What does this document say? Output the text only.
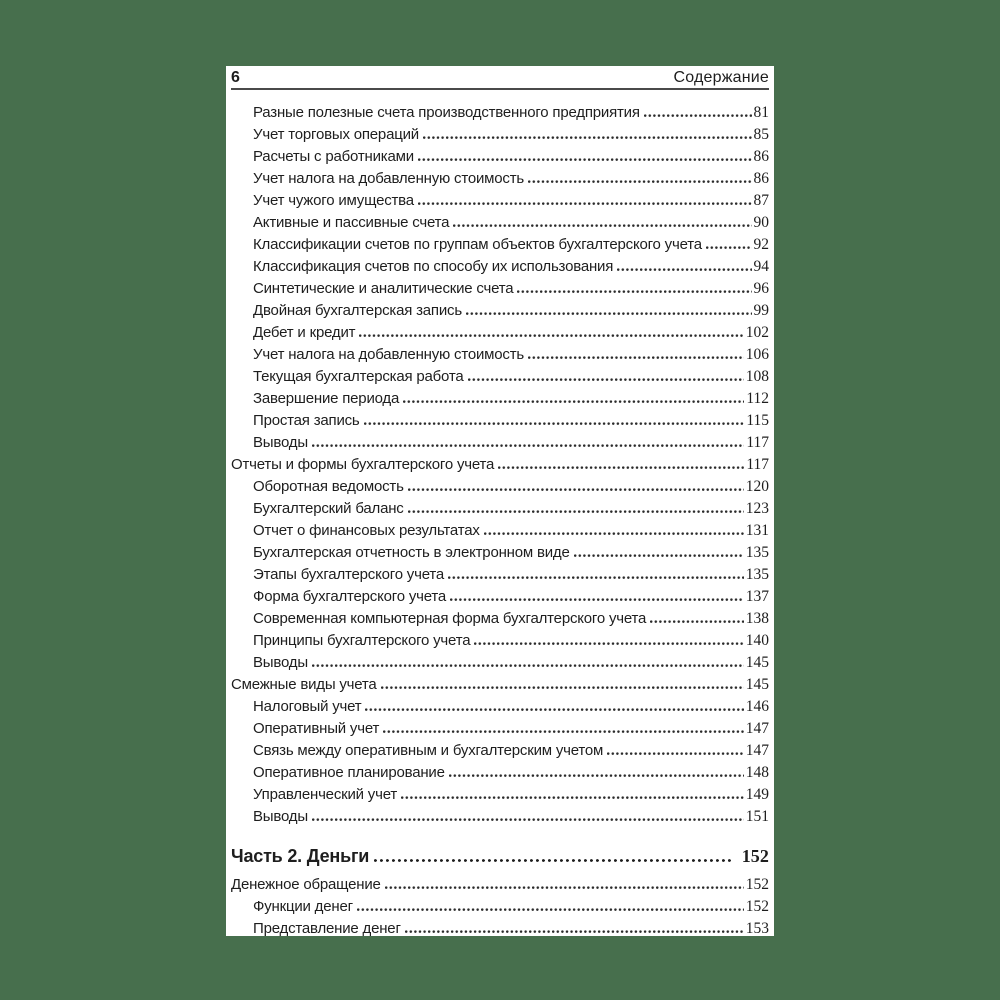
6	Содержание
Разные полезные счета производственного предприятия	81
Учет торговых операций	85
Расчеты с работниками	86
Учет налога на добавленную стоимость	86
Учет чужого имущества	87
Активные и пассивные счета	90
Классификации счетов по группам объектов бухгалтерского учета	92
Классификация счетов по способу их использования	94
Синтетические и аналитические счета	96
Двойная бухгалтерская запись	99
Дебет и кредит	102
Учет налога на добавленную стоимость	106
Текущая бухгалтерская работа	108
Завершение периода	112
Простая запись	115
Выводы	117
Отчеты и формы бухгалтерского учета	117
Оборотная ведомость	120
Бухгалтерский баланс	123
Отчет о финансовых результатах	131
Бухгалтерская отчетность в электронном виде	135
Этапы бухгалтерского учета	135
Форма бухгалтерского учета	137
Современная компьютерная форма бухгалтерского учета	138
Принципы бухгалтерского учета	140
Выводы	145
Смежные виды учета	145
Налоговый учет	146
Оперативный учет	147
Связь между оперативным и бухгалтерским учетом	147
Оперативное планирование	148
Управленческий учет	149
Выводы	151
Часть 2. Деньги	152
Денежное обращение	152
Функции денег	152
Представление денег	153
